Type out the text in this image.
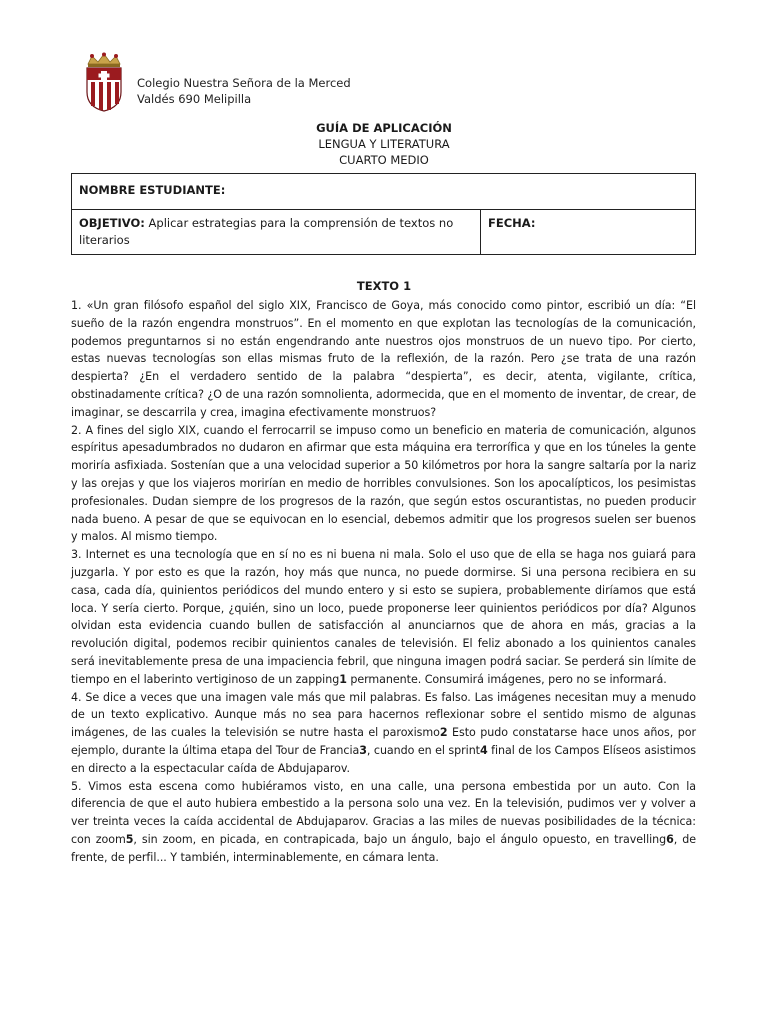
Colegio Nuestra Señora de la Merced
Valdés 690 Melipilla
GUÍA DE APLICACIÓN
LENGUA Y LITERATURA
CUARTO MEDIO
NOMBRE ESTUDIANTE:
OBJETIVO: Aplicar estrategias para la comprensión de textos no literarios	FECHA:
TEXTO 1

1. «Un gran filósofo español del siglo XIX, Francisco de Goya, más conocido como pintor, escribió un día: “El sueño de la razón engendra monstruos”. En el momento en que explotan las tecnologías de la comunicación, podemos preguntarnos si no están engendrando ante nuestros ojos monstruos de un nuevo tipo. Por cierto, estas nuevas tecnologías son ellas mismas fruto de la reflexión, de la razón. Pero ¿se trata de una razón despierta? ¿En el verdadero sentido de la palabra “despierta”, es decir, atenta, vigilante, crítica, obstinadamente crítica? ¿O de una razón somnolienta, adormecida, que en el momento de inventar, de crear, de imaginar, se descarrila y crea, imagina efectivamente monstruos?

2. A fines del siglo XIX, cuando el ferrocarril se impuso como un beneficio en materia de comunicación, algunos espíritus apesadumbrados no dudaron en afirmar que esta máquina era terrorífica y que en los túneles la gente moriría asfixiada. Sostenían que a una velocidad superior a 50 kilómetros por hora la sangre saltaría por la nariz y las orejas y que los viajeros morirían en medio de horribles convulsiones. Son los apocalípticos, los pesimistas profesionales. Dudan siempre de los progresos de la razón, que según estos oscurantistas, no pueden producir nada bueno. A pesar de que se equivocan en lo esencial, debemos admitir que los progresos suelen ser buenos y malos. Al mismo tiempo.

3. Internet es una tecnología que en sí no es ni buena ni mala. Solo el uso que de ella se haga nos guiará para juzgarla. Y por esto es que la razón, hoy más que nunca, no puede dormirse. Si una persona recibiera en su casa, cada día, quinientos periódicos del mundo entero y si esto se supiera, probablemente diríamos que está loca. Y sería cierto. Porque, ¿quién, sino un loco, puede proponerse leer quinientos periódicos por día? Algunos olvidan esta evidencia cuando bullen de satisfacción al anunciarnos que de ahora en más, gracias a la revolución digital, podemos recibir quinientos canales de televisión. El feliz abonado a los quinientos canales será inevitablemente presa de una impaciencia febril, que ninguna imagen podrá saciar. Se perderá sin límite de tiempo en el laberinto vertiginoso de un zapping1 permanente. Consumirá imágenes, pero no se informará.

4. Se dice a veces que una imagen vale más que mil palabras. Es falso. Las imágenes necesitan muy a menudo de un texto explicativo. Aunque más no sea para hacernos reflexionar sobre el sentido mismo de algunas imágenes, de las cuales la televisión se nutre hasta el paroxismo2 Esto pudo constatarse hace unos años, por ejemplo, durante la última etapa del Tour de Francia3, cuando en el sprint4 final de los Campos Elíseos asistimos en directo a la espectacular caída de Abdujaparov.

5. Vimos esta escena como hubiéramos visto, en una calle, una persona embestida por un auto. Con la diferencia de que el auto hubiera embestido a la persona solo una vez. En la televisión, pudimos ver y volver a ver treinta veces la caída accidental de Abdujaparov. Gracias a las miles de nuevas posibilidades de la técnica: con zoom5, sin zoom, en picada, en contrapicada, bajo un ángulo, bajo el ángulo opuesto, en travelling6, de frente, de perfil... Y también, interminablemente, en cámara lenta.
